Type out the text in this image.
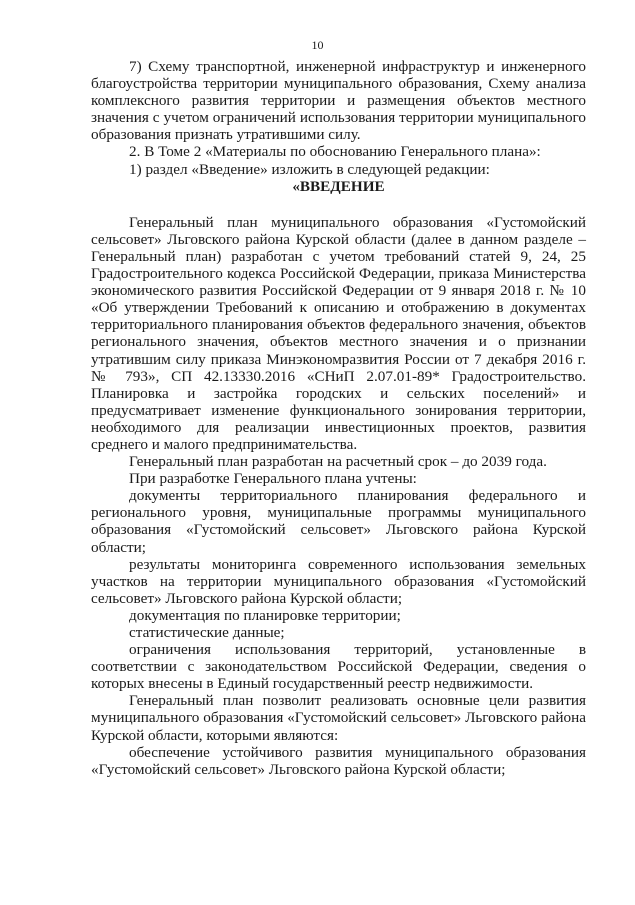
10

7) Схему транспортной, инженерной инфраструктур и инженерного благоустройства территории муниципального образования, Схему анализа комплексного развития территории и размещения объектов местного значения с учетом ограничений использования территории муниципального образования признать утратившими силу.

2. В Томе 2 «Материалы по обоснованию Генерального плана»:

1) раздел «Введение» изложить в следующей редакции:

«ВВЕДЕНИЕ

Генеральный план муниципального образования «Густомойский сельсовет» Льговского района Курской области (далее в данном разделе – Генеральный план) разработан с учетом требований статей 9, 24, 25 Градостроительного кодекса Российской Федерации, приказа Министерства экономического развития Российской Федерации от 9 января 2018 г. № 10 «Об утверждении Требований к описанию и отображению в документах территориального планирования объектов федерального значения, объектов регионального значения, объектов местного значения и о признании утратившим силу приказа Минэкономразвития России от 7 декабря 2016 г. № 793», СП 42.13330.2016 «СНиП 2.07.01-89* Градостроительство. Планировка и застройка городских и сельских поселений» и предусматривает изменение функционального зонирования территории, необходимого для реализации инвестиционных проектов, развития среднего и малого предпринимательства.

Генеральный план разработан на расчетный срок – до 2039 года.

При разработке Генерального плана учтены:

документы территориального планирования федерального и регионального уровня, муниципальные программы муниципального образования «Густомойский сельсовет» Льговского района Курской области;

результаты мониторинга современного использования земельных участков на территории муниципального образования «Густомойский сельсовет» Льговского района Курской области;

документация по планировке территории;

статистические данные;

ограничения использования территорий, установленные в соответствии с законодательством Российской Федерации, сведения о которых внесены в Единый государственный реестр недвижимости.

Генеральный план позволит реализовать основные цели развития муниципального образования «Густомойский сельсовет» Льговского района Курской области, которыми являются:

обеспечение устойчивого развития муниципального образования «Густомойский сельсовет» Льговского района Курской области;
